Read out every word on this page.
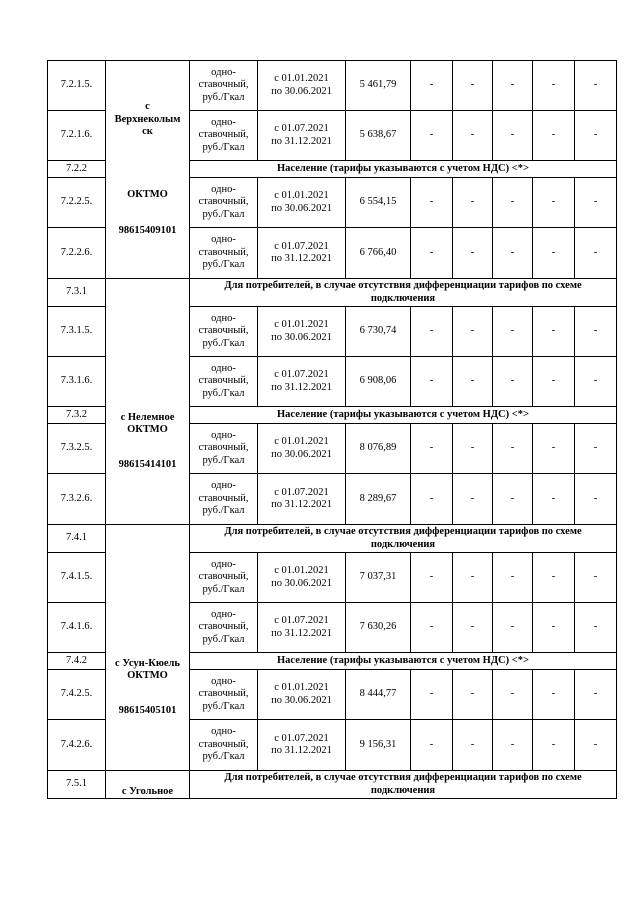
7.2.1.5.	с
Верхнеколым
ск
ОКТМО
98615409101	одно-
ставочный,
руб./Гкал	с 01.01.2021
по 30.06.2021	5 461,79	-	-	-	-	-
7.2.1.6.		одно-
ставочный,
руб./Гкал	с 01.07.2021
по 31.12.2021	5 638,67	-	-	-	-	-
7.2.2		Население (тарифы указываются с учетом НДС) <*>							
7.2.2.5.		одно-
ставочный,
руб./Гкал	с 01.01.2021
по 30.06.2021	6 554,15	-	-	-	-	-
7.2.2.6.		одно-
ставочный,
руб./Гкал	с 01.07.2021
по 31.12.2021	6 766,40	-	-	-	-	-
7.3.1	с Нелемное
ОКТМО
98615414101	Для потребителей, в случае отсутствия дифференциации тарифов по схеме подключения							
7.3.1.5.		одно-
ставочный,
руб./Гкал	с 01.01.2021
по 30.06.2021	6 730,74	-	-	-	-	-
7.3.1.6.		одно-
ставочный,
руб./Гкал	с 01.07.2021
по 31.12.2021	6 908,06	-	-	-	-	-
7.3.2		Население (тарифы указываются с учетом НДС) <*>							
7.3.2.5.		одно-
ставочный,
руб./Гкал	с 01.01.2021
по 30.06.2021	8 076,89	-	-	-	-	-
7.3.2.6.		одно-
ставочный,
руб./Гкал	с 01.07.2021
по 31.12.2021	8 289,67	-	-	-	-	-
7.4.1	с Усун-Кюель
ОКТМО
98615405101	Для потребителей, в случае отсутствия дифференциации тарифов по схеме подключения							
7.4.1.5.		одно-
ставочный,
руб./Гкал	с 01.01.2021
по 30.06.2021	7 037,31	-	-	-	-	-
7.4.1.6.		одно-
ставочный,
руб./Гкал	с 01.07.2021
по 31.12.2021	7 630,26	-	-	-	-	-
7.4.2		Население (тарифы указываются с учетом НДС) <*>							
7.4.2.5.		одно-
ставочный,
руб./Гкал	с 01.01.2021
по 30.06.2021	8 444,77	-	-	-	-	-
7.4.2.6.		одно-
ставочный,
руб./Гкал	с 01.07.2021
по 31.12.2021	9 156,31	-	-	-	-	-
7.5.1	с Угольное	Для потребителей, в случае отсутствия дифференциации тарифов по схеме подключения							
